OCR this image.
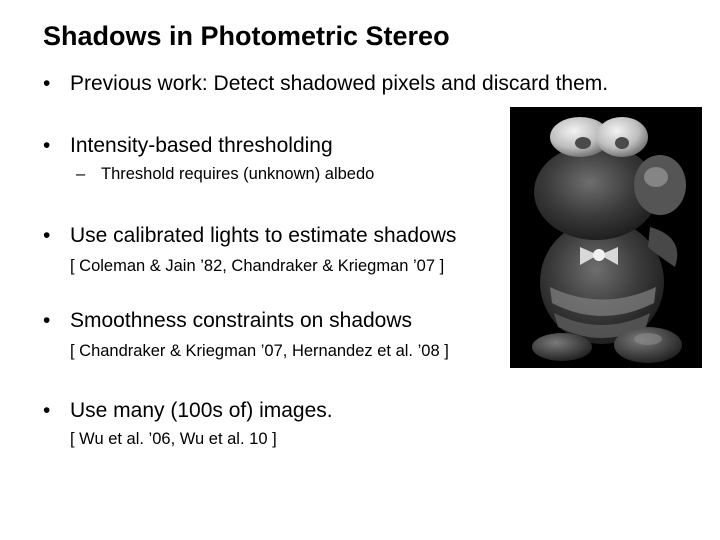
Shadows in Photometric Stereo
• Previous work: Detect shadowed pixels and discard them.
• Intensity-based thresholding
– Threshold requires (unknown) albedo
• Use calibrated lights to estimate shadows
[ Coleman & Jain ’82, Chandraker & Kriegman ’07 ]
• Smoothness constraints on shadows
[ Chandraker & Kriegman ’07, Hernandez et al. ’08 ]
• Use many (100s of) images.
[ Wu et al. ’06, Wu et al. 10 ]
